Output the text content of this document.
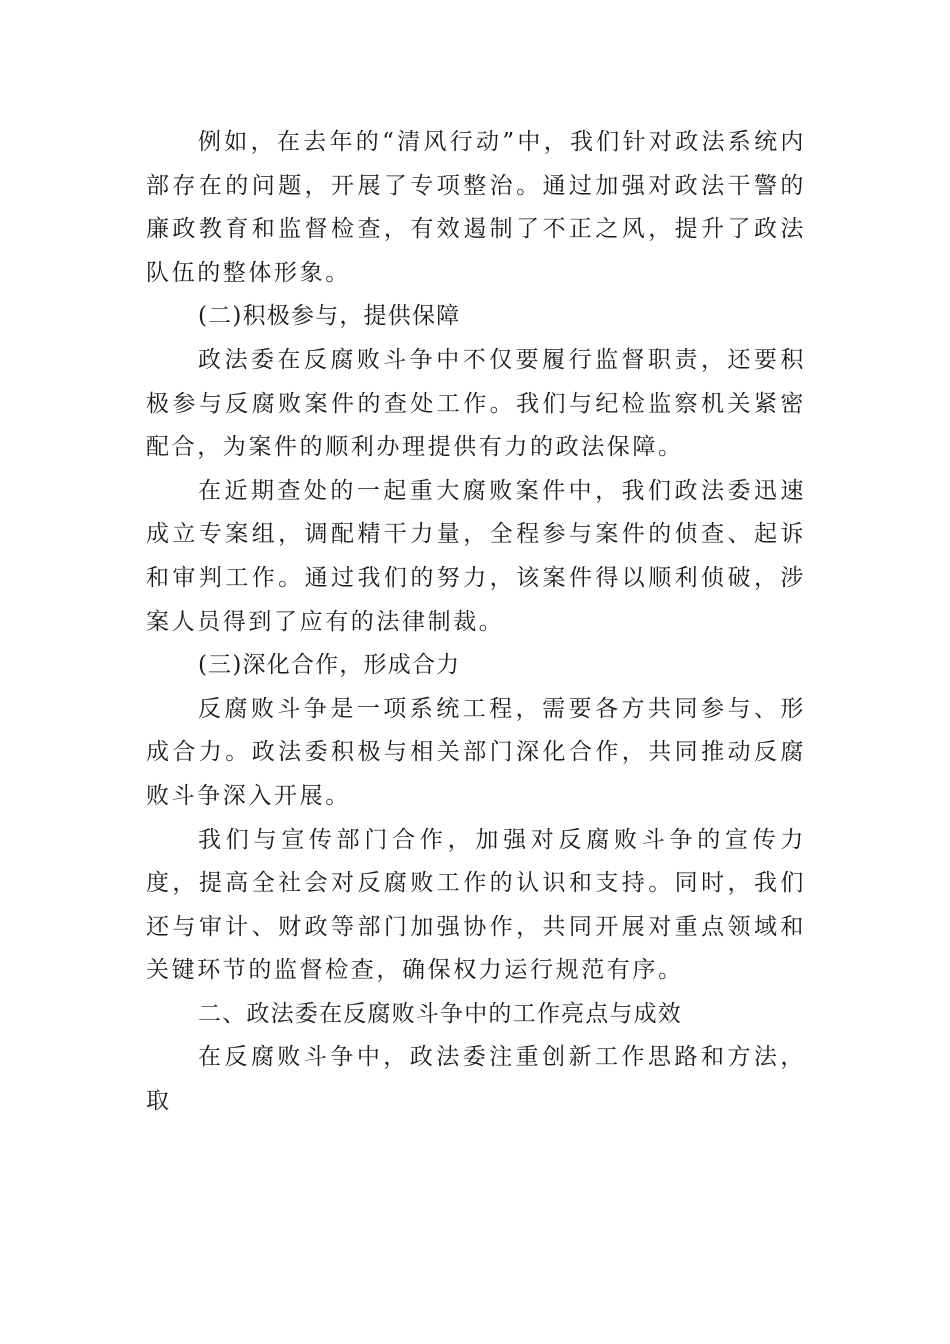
例如，在去年的“清风行动”中，我们针对政法系统内部存在的问题，开展了专项整治。通过加强对政法干警的廉政教育和监督检查，有效遏制了不正之风，提升了政法队伍的整体形象。

(二)积极参与，提供保障

政法委在反腐败斗争中不仅要履行监督职责，还要积极参与反腐败案件的查处工作。我们与纪检监察机关紧密配合，为案件的顺利办理提供有力的政法保障。

在近期查处的一起重大腐败案件中，我们政法委迅速成立专案组，调配精干力量，全程参与案件的侦查、起诉和审判工作。通过我们的努力，该案件得以顺利侦破，涉案人员得到了应有的法律制裁。

(三)深化合作，形成合力

反腐败斗争是一项系统工程，需要各方共同参与、形成合力。政法委积极与相关部门深化合作，共同推动反腐败斗争深入开展。

我们与宣传部门合作，加强对反腐败斗争的宣传力度，提高全社会对反腐败工作的认识和支持。同时，我们还与审计、财政等部门加强协作，共同开展对重点领域和关键环节的监督检查，确保权力运行规范有序。

二、政法委在反腐败斗争中的工作亮点与成效

在反腐败斗争中，政法委注重创新工作思路和方法，取
